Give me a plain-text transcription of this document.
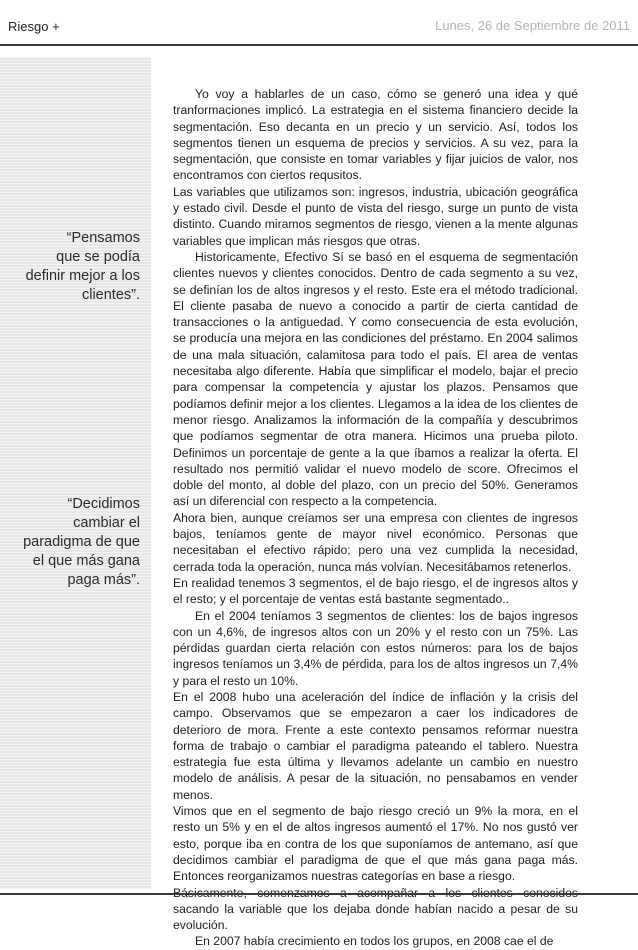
Riesgo +	Lunes, 26 de Septiembre de 2011
“Pensamos
que se podía
definir mejor a los
clientes”.
“Decidimos
cambiar el
paradigma de que
el que más gana
paga más”.

Yo voy a hablarles de un caso, cómo se generó una idea y qué tranformaciones implicó. La estrategia en el sistema financiero decide la segmentación. Eso decanta en un precio y un servicio. Así, todos los segmentos tienen un esquema de precios y servicios. A su vez, para la segmentación, que consiste en tomar variables y fijar juicios de valor, nos encontramos con ciertos requsitos.

Las variables que utilizamos son: ingresos, industria, ubicación geográfica y estado civil. Desde el punto de vista del riesgo, surge un punto de vista distinto. Cuando miramos segmentos de riesgo, vienen a la mente algunas variables que implican más riesgos que otras.

Historicamente, Efectivo Sí se basó en el esquema de segmentación clientes nuevos y clientes conocidos. Dentro de cada segmento a su vez, se definían los de altos ingresos y el resto. Este era el método tradicional. El cliente pasaba de nuevo a conocido a partir de cierta cantidad de transacciones o la antiguedad. Y como consecuencia de esta evolución, se producía una mejora en las condiciones del préstamo. En 2004 salimos de una mala situación, calamitosa para todo el país. El area de ventas necesitaba algo diferente. Había que simplificar el modelo, bajar el precio para compensar la competencia y ajustar los plazos. Pensamos que podíamos definir mejor a los clientes. Llegamos a la idea de los clientes de menor riesgo. Analizamos la información de la compañía y descubrimos que podíamos segmentar de otra manera. Hicimos una prueba piloto. Definimos un porcentaje de gente a la que íbamos a realizar la oferta. El resultado nos permitió validar el nuevo modelo de score. Ofrecimos el doble del monto, al doble del plazo, con un precio del 50%. Generamos así un diferencial con respecto a la competencia.

Ahora bien, aunque creíamos ser una empresa con clientes de ingresos bajos, teníamos gente de mayor nivel económico. Personas que necesitaban el efectivo rápido; pero una vez cumplida la necesidad, cerrada toda la operación, nunca más volvían. Necesitábamos retenerlos.

En realidad tenemos 3 segmentos, el de bajo riesgo, el de ingresos altos y el resto; y el porcentaje de ventas está bastante segmentado..

En el 2004 teníamos 3 segmentos de clientes: los de bajos ingresos con un 4,6%, de ingresos altos con un 20% y el resto con un 75%. Las pérdidas guardan cierta relación con estos números: para los de bajos ingresos teníamos un 3,4% de pérdida, para los de altos ingresos un 7,4% y para el resto un 10%.

En el 2008 hubo una aceleración del índice de inflación y la crisis del campo. Observamos que se empezaron a caer los indicadores de deterioro de mora. Frente a este contexto pensamos reformar nuestra forma de trabajo o cambiar el paradigma pateando el tablero. Nuestra estrategia fue esta última y llevamos adelante un cambio en nuestro modelo de análisis. A pesar de la situación, no pensabamos en vender menos.

Vimos que en el segmento de bajo riesgo creció un 9% la mora, en el resto un 5% y en el de altos ingresos aumentó el 17%. No nos gustó ver esto, porque iba en contra de los que suponíamos de antemano, así que decidimos cambiar el paradigma de que el que más gana paga más. Entonces reorganizamos nuestras categorías en base a riesgo.

sacando la variable que los dejaba donde habían nacido a pesar de su evolución.

En 2007 había crecimiento en todos los grupos, en 2008 cae el de
